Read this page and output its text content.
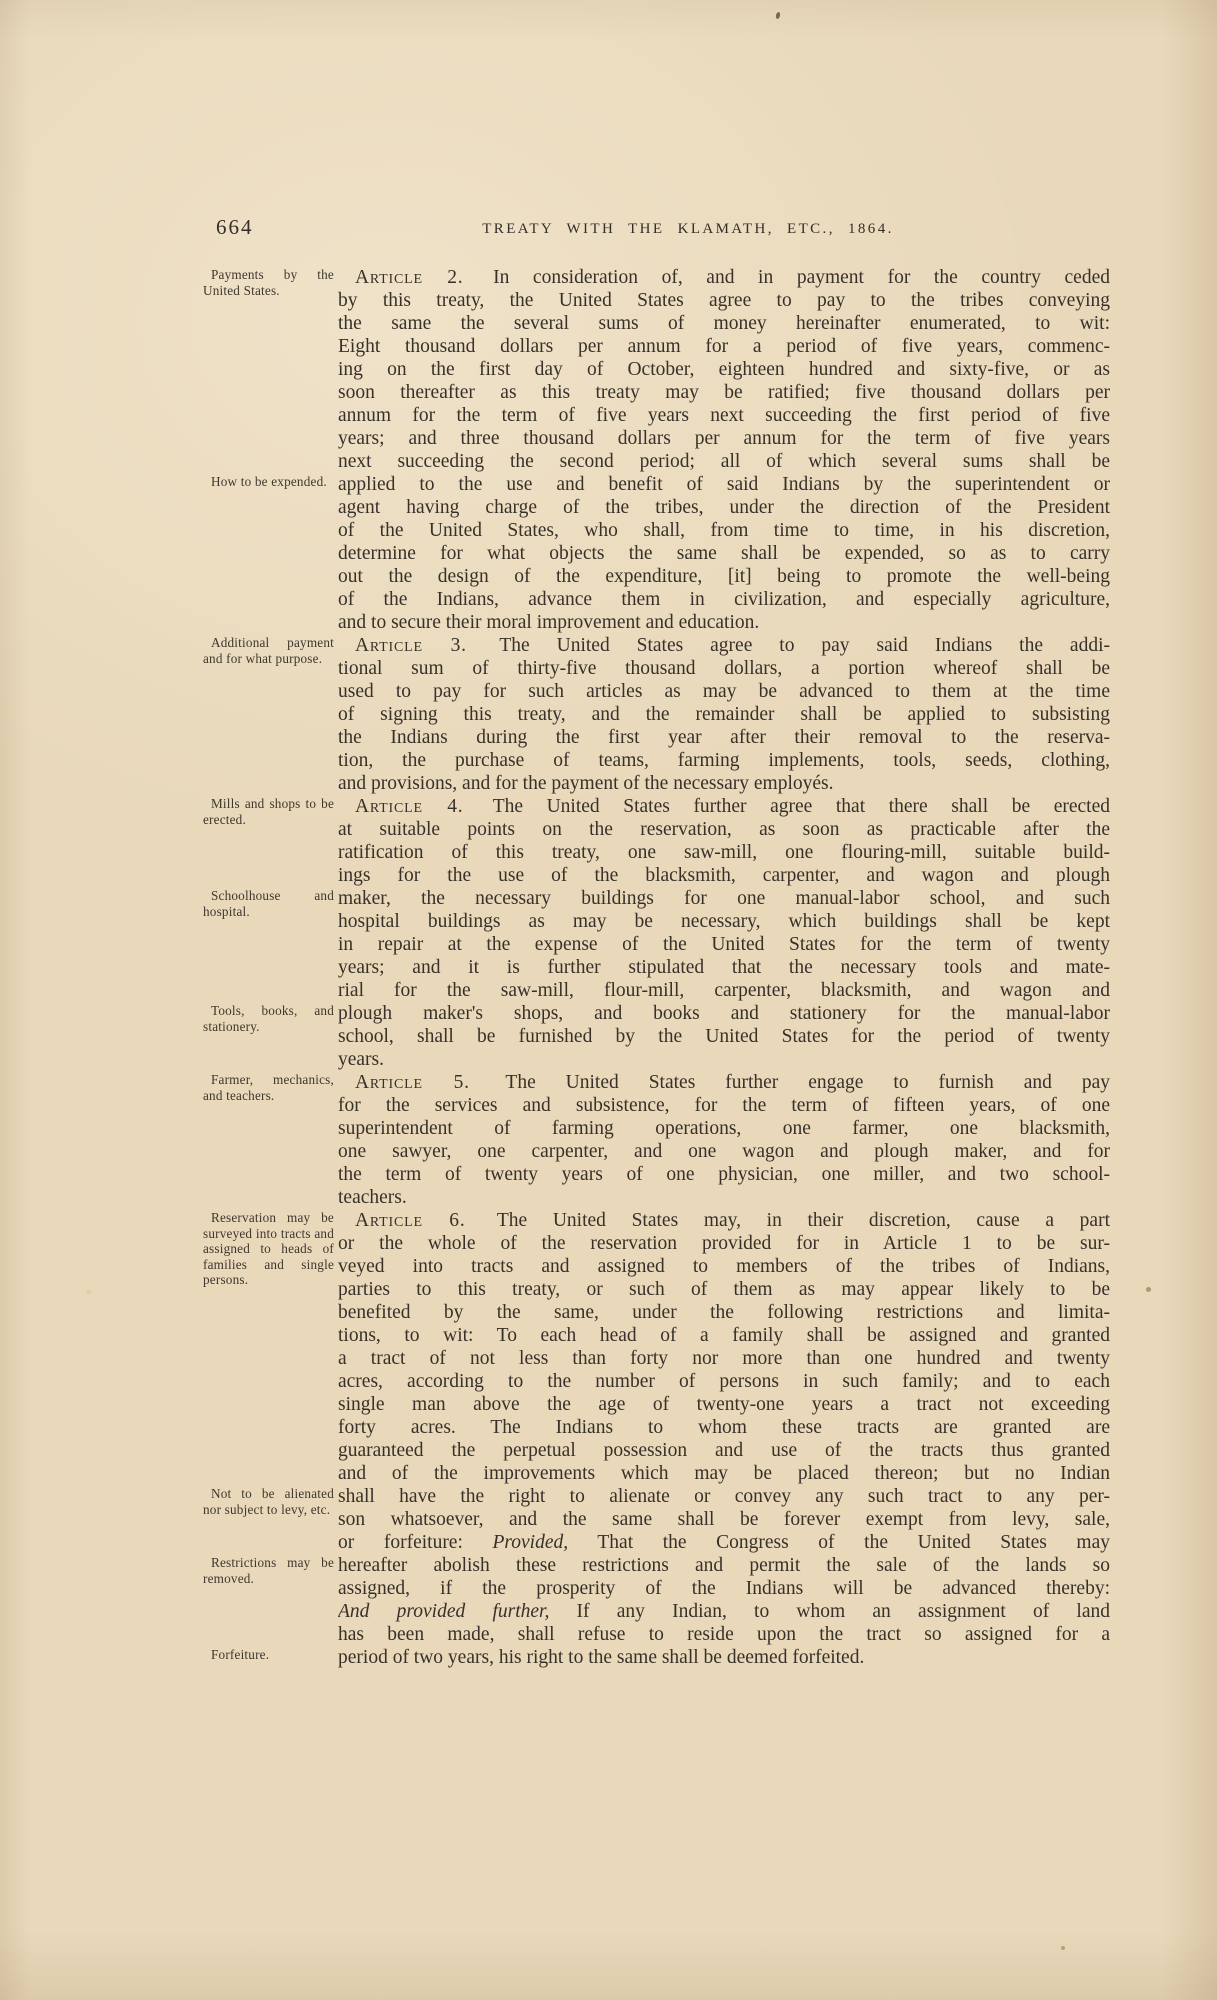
664	TREATY WITH THE KLAMATH, ETC., 1864.
Article 2. In consideration of, and in payment for the country ceded
by this treaty, the United States agree to pay to the tribes conveying
the same the several sums of money hereinafter enumerated, to wit:
Eight thousand dollars per annum for a period of five years, commenc-
ing on the first day of October, eighteen hundred and sixty-five, or as
soon thereafter as this treaty may be ratified; five thousand dollars per
annum for the term of five years next succeeding the first period of five
years; and three thousand dollars per annum for the term of five years
next succeeding the second period; all of which several sums shall be
applied to the use and benefit of said Indians by the superintendent or
agent having charge of the tribes, under the direction of the President
of the United States, who shall, from time to time, in his discretion,
determine for what objects the same shall be expended, so as to carry
out the design of the expenditure, [it] being to promote the well-being
of the Indians, advance them in civilization, and especially agriculture,
and to secure their moral improvement and education.
Article 3. The United States agree to pay said Indians the addi-
tional sum of thirty-five thousand dollars, a portion whereof shall be
used to pay for such articles as may be advanced to them at the time
of signing this treaty, and the remainder shall be applied to subsisting
the Indians during the first year after their removal to the reserva-
tion, the purchase of teams, farming implements, tools, seeds, clothing,
and provisions, and for the payment of the necessary employés.
Article 4. The United States further agree that there shall be erected
at suitable points on the reservation, as soon as practicable after the
ratification of this treaty, one saw-mill, one flouring-mill, suitable build-
ings for the use of the blacksmith, carpenter, and wagon and plough
maker, the necessary buildings for one manual-labor school, and such
hospital buildings as may be necessary, which buildings shall be kept
in repair at the expense of the United States for the term of twenty
years; and it is further stipulated that the necessary tools and mate-
rial for the saw-mill, flour-mill, carpenter, blacksmith, and wagon and
plough maker's shops, and books and stationery for the manual-labor
school, shall be furnished by the United States for the period of twenty
years.
Article 5. The United States further engage to furnish and pay
for the services and subsistence, for the term of fifteen years, of one
superintendent of farming operations, one farmer, one blacksmith,
one sawyer, one carpenter, and one wagon and plough maker, and for
the term of twenty years of one physician, one miller, and two school-
teachers.
Article 6. The United States may, in their discretion, cause a part
or the whole of the reservation provided for in Article 1 to be sur-
veyed into tracts and assigned to members of the tribes of Indians,
parties to this treaty, or such of them as may appear likely to be
benefited by the same, under the following restrictions and limita-
tions, to wit: To each head of a family shall be assigned and granted
a tract of not less than forty nor more than one hundred and twenty
acres, according to the number of persons in such family; and to each
single man above the age of twenty-one years a tract not exceeding
forty acres. The Indians to whom these tracts are granted are
guaranteed the perpetual possession and use of the tracts thus granted
and of the improvements which may be placed thereon; but no Indian
shall have the right to alienate or convey any such tract to any per-
son whatsoever, and the same shall be forever exempt from levy, sale,
or forfeiture: Provided, That the Congress of the United States may
hereafter abolish these restrictions and permit the sale of the lands so
assigned, if the prosperity of the Indians will be advanced thereby:
And provided further, If any Indian, to whom an assignment of land
has been made, shall refuse to reside upon the tract so assigned for a
period of two years, his right to the same shall be deemed forfeited.
Payments by the United States.
How to be expended.
Additional payment and for what purpose.
Mills and shops to be erected.
Schoolhouse and hospital.
Tools, books, and stationery.
Farmer, mechanics, and teachers.
Reservation may be surveyed into tracts and assigned to heads of families and single persons.
Not to be alienated nor subject to levy, etc.
Restrictions may be removed.
Forfeiture.
